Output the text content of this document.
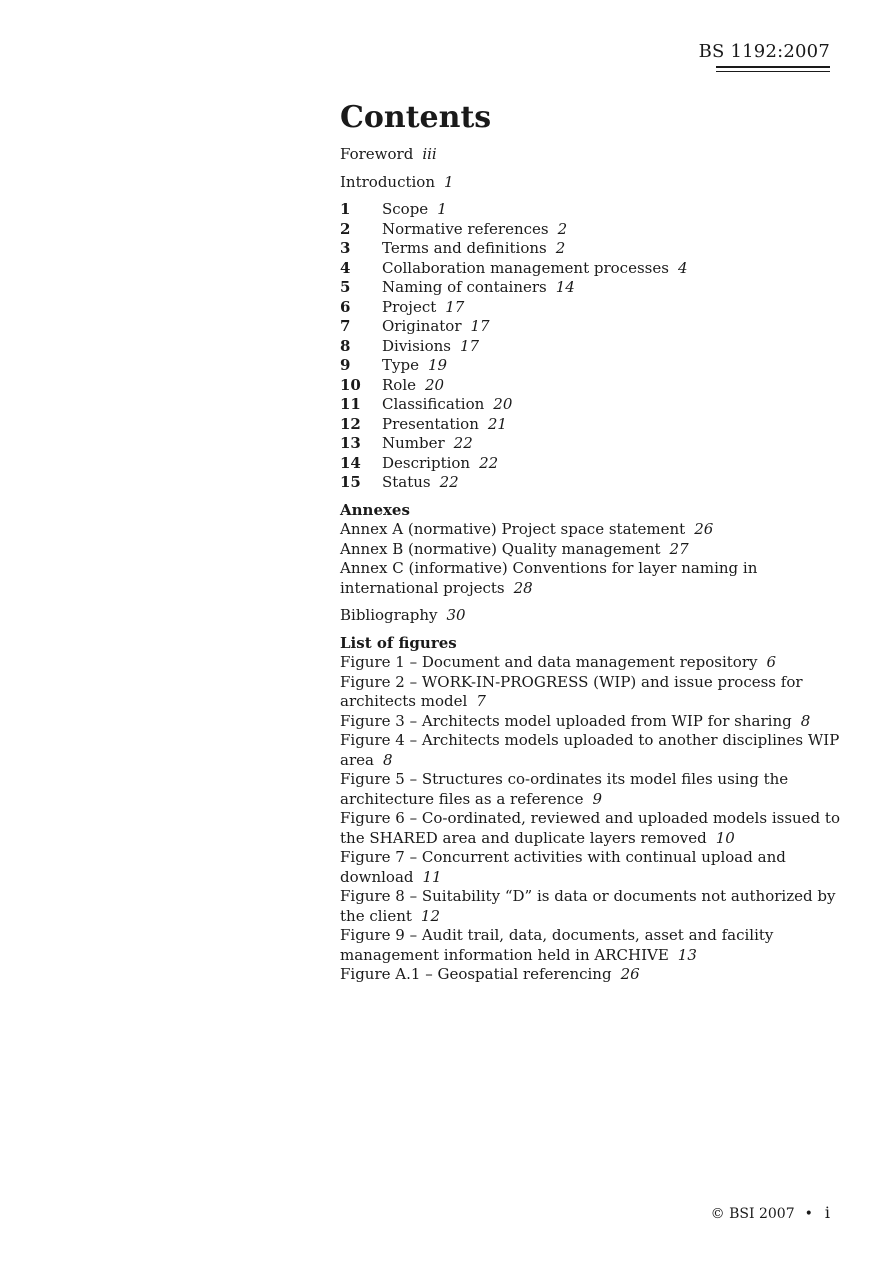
BS 1192:2007
Contents

Foreword iii

Introduction 1

1	Scope 1
2	Normative references 2
3	Terms and definitions 2
4	Collaboration management processes 4
5	Naming of containers 14
6	Project 17
7	Originator 17
8	Divisions 17
9	Type 19
10	Role 20
11	Classification 20
12	Presentation 21
13	Number 22
14	Description 22
15	Status 22
Annexes

Annex A (normative) Project space statement 26

Annex B (normative) Quality management 27

Annex C (informative) Conventions for layer naming in international projects 28

Bibliography 30

List of figures

Figure 1 – Document and data management repository 6

Figure 2 – WORK-IN-PROGRESS (WIP) and issue process for architects model 7

Figure 3 – Architects model uploaded from WIP for sharing 8

Figure 4 – Architects models uploaded to another disciplines WIP area 8

Figure 5 – Structures co-ordinates its model files using the architecture files as a reference 9

Figure 6 – Co-ordinated, reviewed and uploaded models issued to the SHARED area and duplicate layers removed 10

Figure 7 – Concurrent activities with continual upload and download 11

Figure 8 – Suitability “D” is data or documents not authorized by the client 12

Figure 9 – Audit trail, data, documents, asset and facility management information held in ARCHIVE 13

Figure A.1 – Geospatial referencing 26

© BSI 2007 • i
